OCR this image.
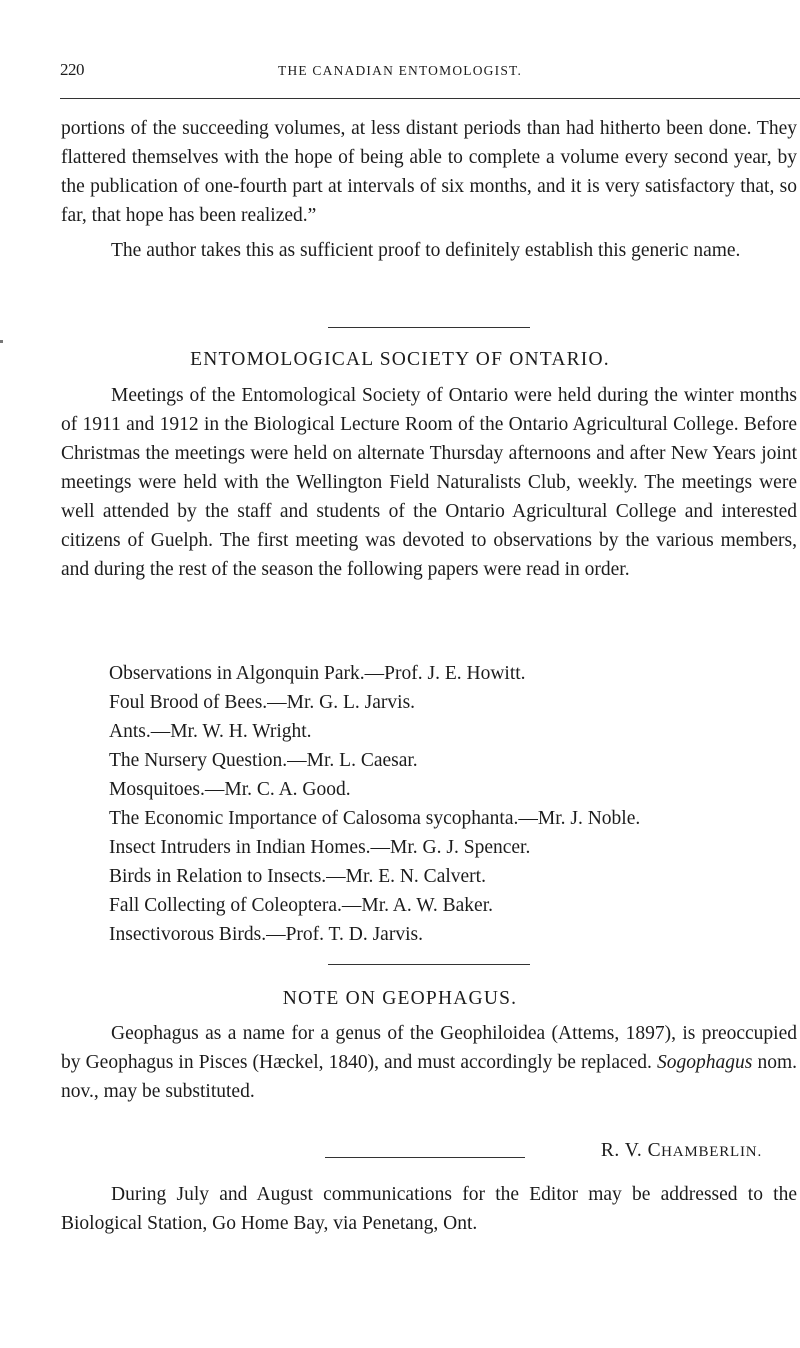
220	THE CANADIAN ENTOMOLOGIST.

portions of the succeeding volumes, at less distant periods than had hitherto been done. They flattered themselves with the hope of being able to complete a volume every second year, by the publication of one-fourth part at intervals of six months, and it is very satisfactory that, so far, that hope has been realized.”

The author takes this as sufficient proof to definitely establish this generic name.

ENTOMOLOGICAL SOCIETY OF ONTARIO.

Meetings of the Entomological Society of Ontario were held during the winter months of 1911 and 1912 in the Biological Lecture Room of the Ontario Agricultural College. Before Christmas the meetings were held on alternate Thursday afternoons and after New Years joint meetings were held with the Wellington Field Naturalists Club, weekly. The meetings were well attended by the staff and students of the Ontario Agricultural College and interested citizens of Guelph. The first meeting was devoted to observations by the various members, and during the rest of the season the following papers were read in order.

Observations in Algonquin Park.—Prof. J. E. Howitt.
Foul Brood of Bees.—Mr. G. L. Jarvis.
Ants.—Mr. W. H. Wright.
The Nursery Question.—Mr. L. Caesar.
Mosquitoes.—Mr. C. A. Good.
The Economic Importance of Calosoma sycophanta.—Mr. J. Noble.
Insect Intruders in Indian Homes.—Mr. G. J. Spencer.
Birds in Relation to Insects.—Mr. E. N. Calvert.
Fall Collecting of Coleoptera.—Mr. A. W. Baker.
Insectivorous Birds.—Prof. T. D. Jarvis.
NOTE ON GEOPHAGUS.

Geophagus as a name for a genus of the Geophiloidea (Attems, 1897), is preoccupied by Geophagus in Pisces (Hæckel, 1840), and must accordingly be replaced. Sogophagus nom. nov., may be substituted.

R. V. CHAMBERLIN.

During July and August communications for the Editor may be addressed to the Biological Station, Go Home Bay, via Penetang, Ont.
